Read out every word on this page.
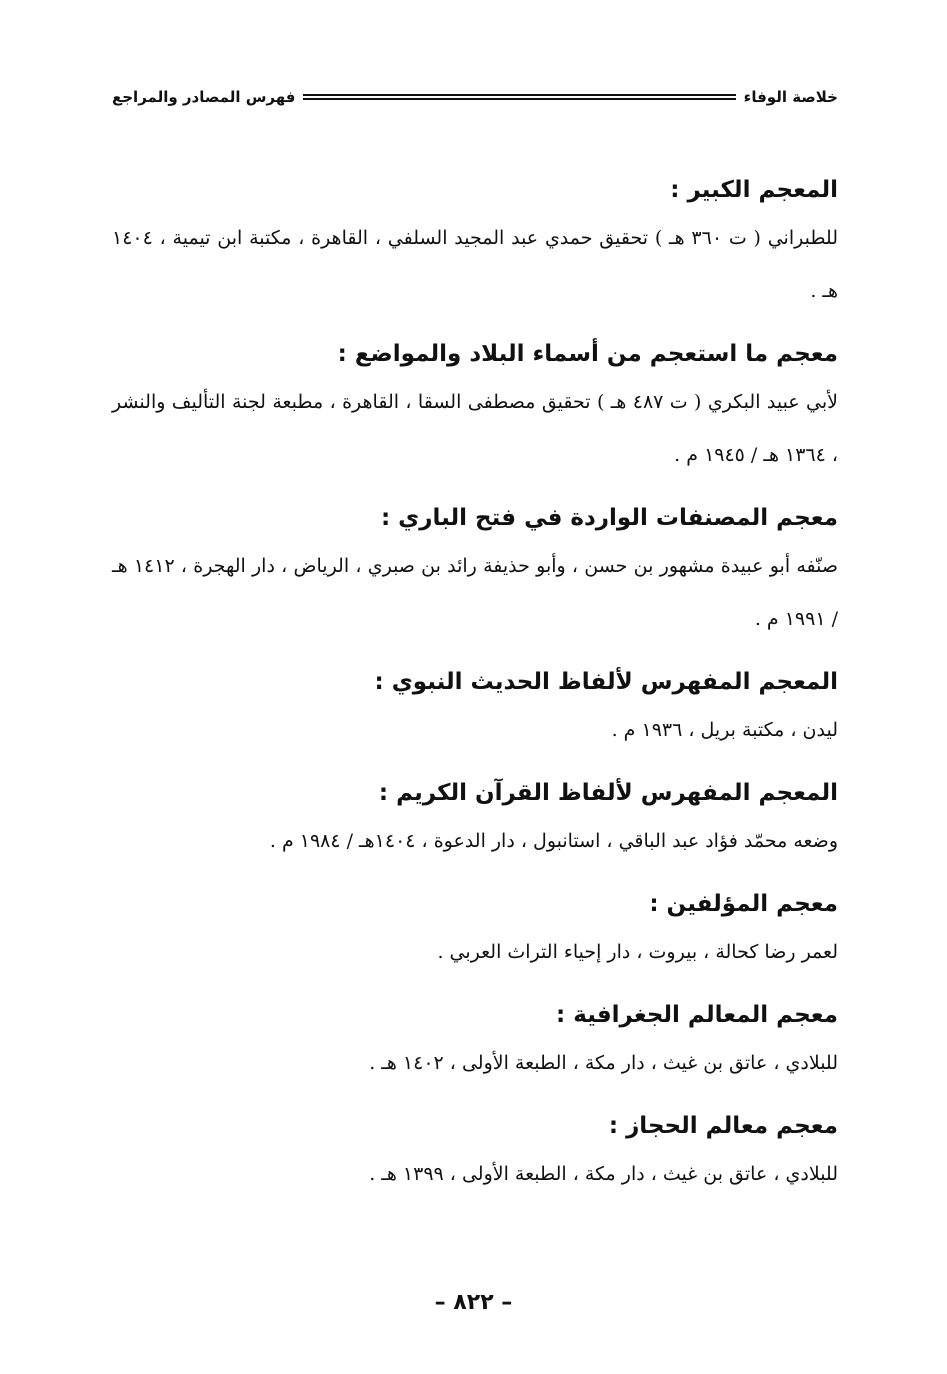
خلاصة الوفاء
فهرس المصادر والمراجع

المعجم الكبير :

للطبراني ( ت ٣٦٠ هـ ) تحقيق حمدي عبد المجيد السلفي ، القاهرة ، مكتبة ابن تيمية ، ١٤٠٤ هـ .

معجم ما استعجم من أسماء البلاد والمواضع :

لأبي عبيد البكري ( ت ٤٨٧ هـ ) تحقيق مصطفى السقا ، القاهرة ، مطبعة لجنة التأليف والنشر ، ١٣٦٤ هـ / ١٩٤٥ م .

معجم المصنفات الواردة في فتح الباري :

صنّفه أبو عبيدة مشهور بن حسن ، وأبو حذيفة رائد بن صبري ، الرياض ، دار الهجرة ، ١٤١٢ هـ / ١٩٩١ م .

المعجم المفهرس لألفاظ الحديث النبوي :

ليدن ، مكتبة بريل ، ١٩٣٦ م .

المعجم المفهرس لألفاظ القرآن الكريم :

وضعه محمّد فؤاد عبد الباقي ، استانبول ، دار الدعوة ، ١٤٠٤هـ / ١٩٨٤ م .

معجم المؤلفين :

لعمر رضا كحالة ، بيروت ، دار إحياء التراث العربي .

معجم المعالم الجغرافية :

للبلادي ، عاتق بن غيث ، دار مكة ، الطبعة الأولى ، ١٤٠٢ هـ .

معجم معالم الحجاز :

للبلادي ، عاتق بن غيث ، دار مكة ، الطبعة الأولى ، ١٣٩٩ هـ .

– ٨٢٢ –
